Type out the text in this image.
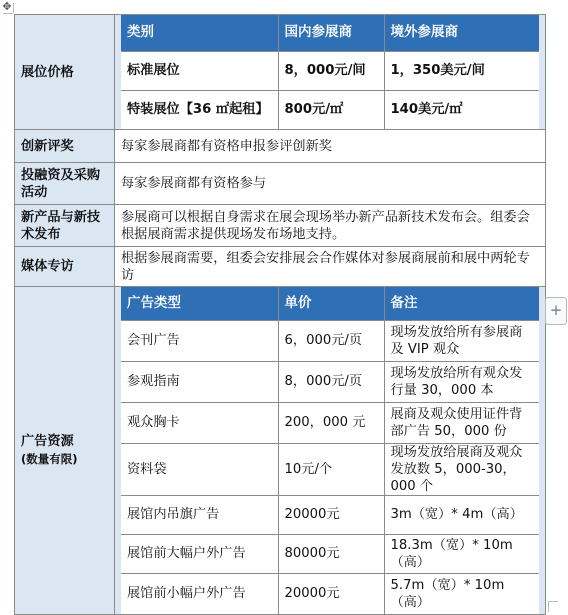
✥
展位价格	
类别	国内参展商	境外参展商
标准展位	8，000元/间	1，350美元/间
特装展位【36 ㎡起租】	800元/㎡	140美元/㎡

创新评奖	每家参展商都有资格申报参评创新奖
投融资及采购活动	每家参展商都有资格参与
新产品与新技术发布	参展商可以根据自身需求在展会现场举办新产品新技术发布会。组委会根据展商需求提供现场发布场地支持。
媒体专访	根据参展商需要，组委会安排展会合作媒体对参展商展前和展中两轮专访
广告资源
(数量有限)

广告类型	单价	备注
会刊广告	6，000元/页	现场发放给所有参展商及 VIP 观众
参观指南	8，000元/页	现场发放给所有观众发行量 30，000 本
观众胸卡	200，000 元	展商及观众使用证件背部广告 50，000 份
资料袋	10元/个	现场发放给展商及观众发放数 5，000-30，000 个
展馆内吊旗广告	20000元	3m（宽）* 4m（高）
展馆前大幅户外广告	80000元	18.3m（宽）* 10m（高）
展馆前小幅户外广告	20000元	5.7m（宽）* 10m（高）
+
